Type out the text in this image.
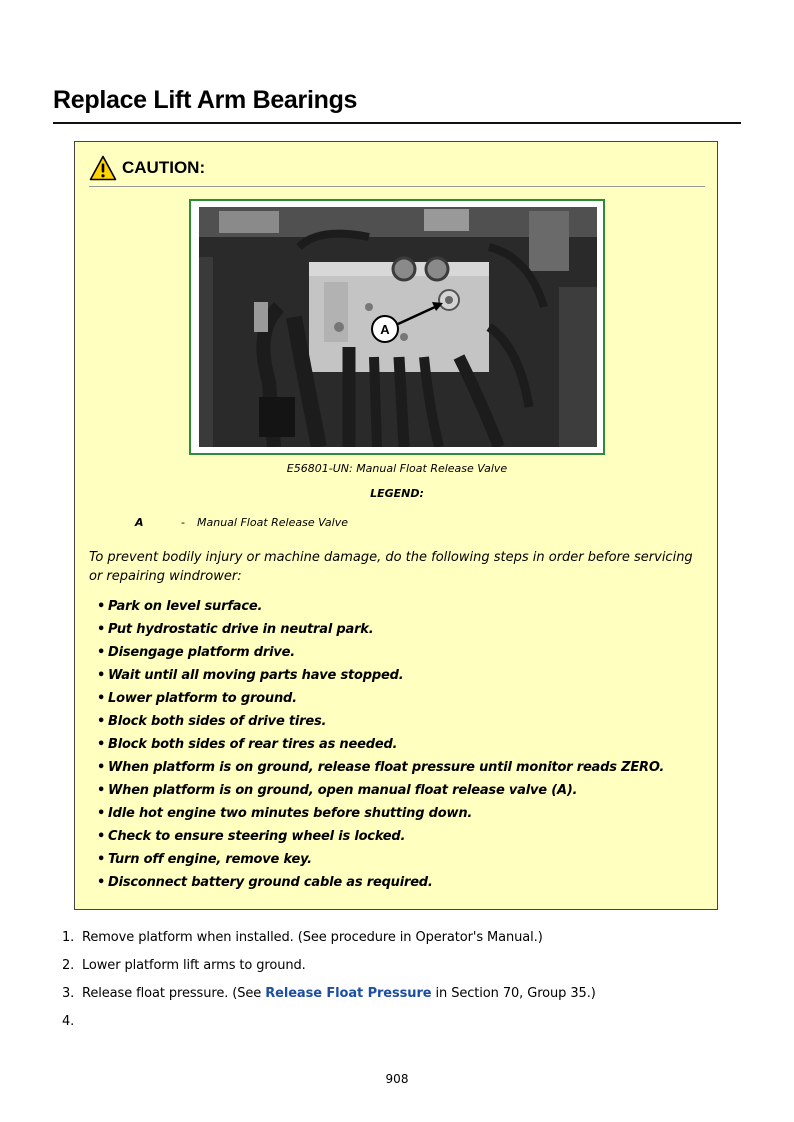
Replace Lift Arm Bearings
CAUTION:
A
E56801-UN: Manual Float Release Valve
LEGEND:
A	- Manual Float Release Valve
To prevent bodily injury or machine damage, do the following steps in order before servicing or repairing windrower:
• Park on level surface.
• Put hydrostatic drive in neutral park.
• Disengage platform drive.
• Wait until all moving parts have stopped.
• Lower platform to ground.
• Block both sides of drive tires.
• Block both sides of rear tires as needed.
• When platform is on ground, release float pressure until monitor reads ZERO.
• When platform is on ground, open manual float release valve (A).
• Idle hot engine two minutes before shutting down.
• Check to ensure steering wheel is locked.
• Turn off engine, remove key.
• Disconnect battery ground cable as required.
1. Remove platform when installed. (See procedure in Operator's Manual.)
2. Lower platform lift arms to ground.
3. Release float pressure. (See Release Float Pressure in Section 70, Group 35.)
4.
908
